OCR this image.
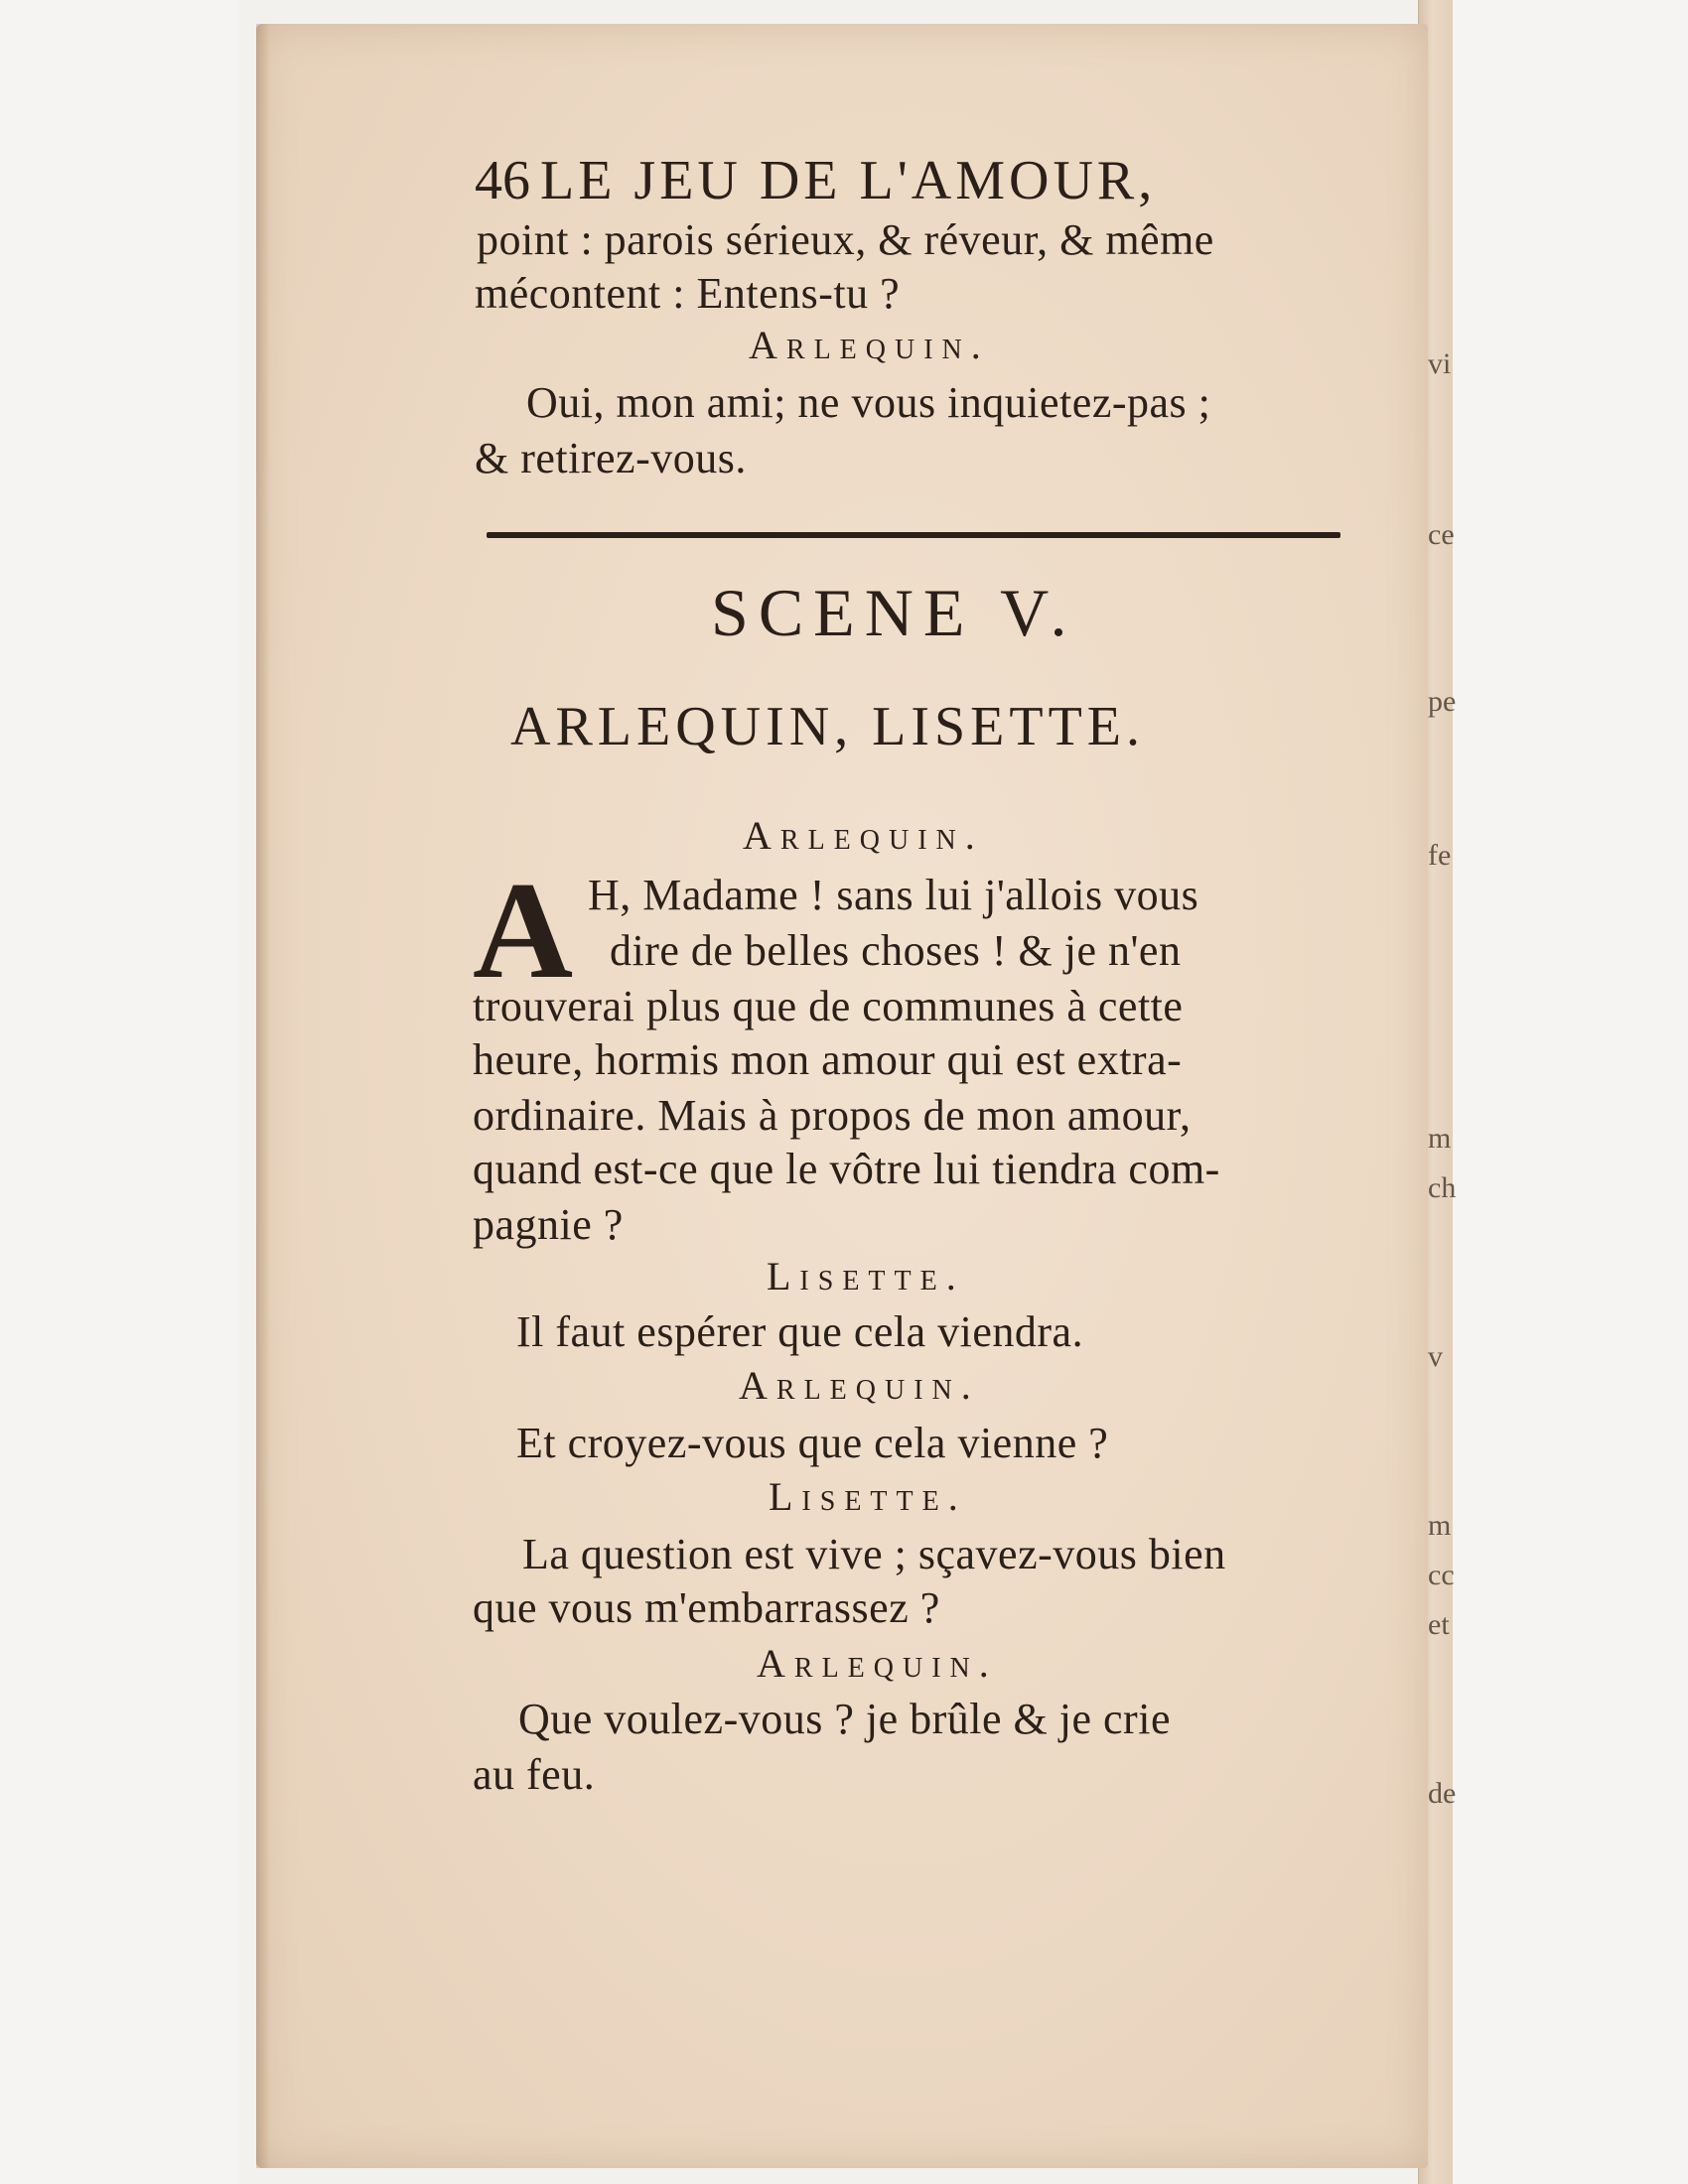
vi
ce
pe
fe
m
ch
v
m
cc
et
de
46 LE JEU DE L'AMOUR,
point : parois sérieux, & réveur, & même
mécontent : Entens-tu ?
Arlequin.
Oui, mon ami; ne vous inquietez-pas ;
& retirez-vous.
SCENE V.
ARLEQUIN, LISETTE.
Arlequin.
A H, Madame ! sans lui j'allois vous
dire de belles choses ! & je n'en
trouverai plus que de communes à cette
heure, hormis mon amour qui est extra-
ordinaire. Mais à propos de mon amour,
quand est-ce que le vôtre lui tiendra com-
pagnie ?
Lisette.
Il faut espérer que cela viendra.
Arlequin.
Et croyez-vous que cela vienne ?
Lisette.
La question est vive ; sçavez-vous bien
que vous m'embarrassez ?
Arlequin.
Que voulez-vous ? je brûle & je crie
au feu.
